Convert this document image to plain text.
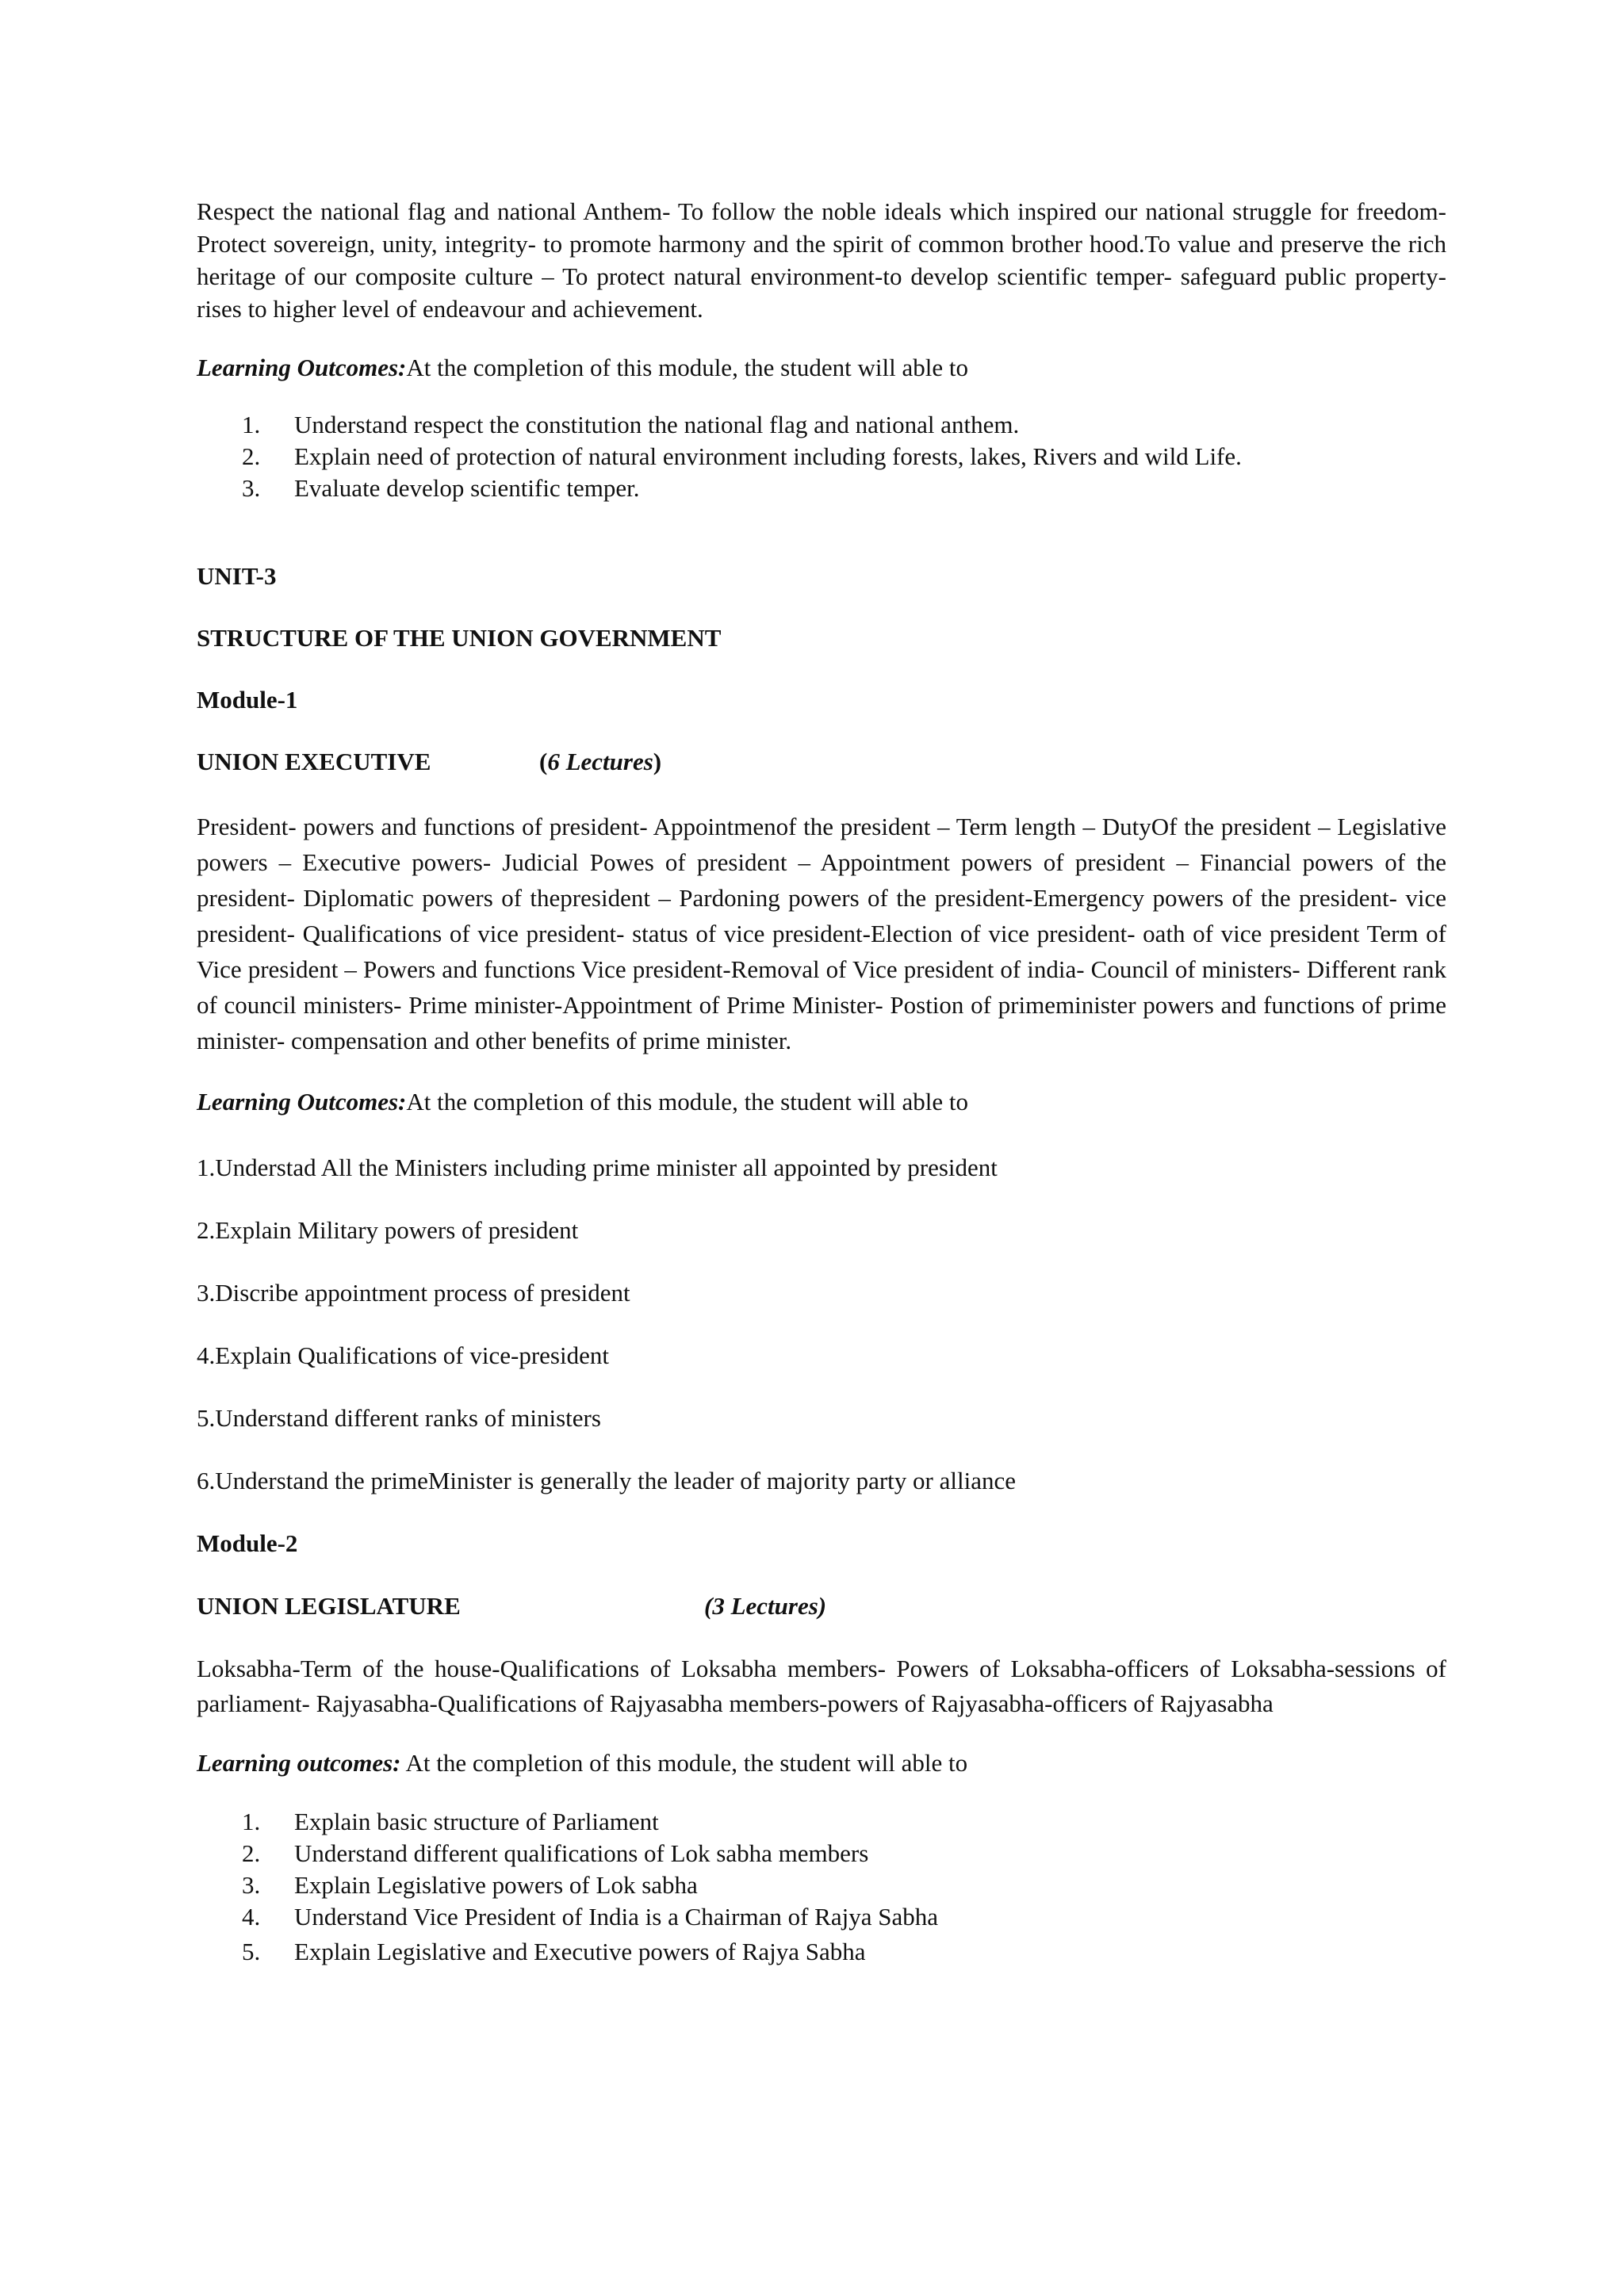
Respect the national flag and national Anthem- To follow the noble ideals which inspired our national struggle for freedom-Protect sovereign, unity, integrity- to promote harmony and the spirit of common brother hood.To value and preserve the rich heritage of our composite culture – To protect natural environment-to develop scientific temper- safeguard public property- rises to higher level of endeavour and achievement.

Learning Outcomes:At the completion of this module, the student will able to

1.	Understand respect the constitution the national flag and national anthem.
2.	Explain need of protection of natural environment including forests, lakes, Rivers and wild Life.
3.	Evaluate develop scientific temper.

UNIT-3

STRUCTURE OF THE UNION GOVERNMENT

Module-1

UNION EXECUTIVE	(6 Lectures)

President- powers and functions of president- Appointmenof the president – Term length – DutyOf the president – Legislative powers – Executive powers- Judicial Powes of president – Appointment powers of president – Financial powers of the president- Diplomatic powers of thepresident – Pardoning powers of the president-Emergency powers of the president- vice president- Qualifications of vice president- status of vice president-Election of vice president- oath of vice president Term of Vice president – Powers and functions Vice president-Removal of Vice president of india- Council of ministers- Different rank of council ministers- Prime minister-Appointment of Prime Minister- Postion of primeminister powers and functions of prime minister- compensation and other benefits of prime minister.

Learning Outcomes:At the completion of this module, the student will able to

1.Understad All the Ministers including prime minister all appointed by president

2.Explain Military powers of president

3.Discribe appointment process of president

4.Explain Qualifications of vice-president

5.Understand different ranks of ministers

6.Understand the primeMinister is generally the leader of majority party or alliance

Module-2

UNION LEGISLATURE	(3 Lectures)

Loksabha-Term of the house-Qualifications of Loksabha members- Powers of Loksabha-officers of Loksabha-sessions of parliament- Rajyasabha-Qualifications of Rajyasabha members-powers of Rajyasabha-officers of Rajyasabha

Learning outcomes: At the completion of this module, the student will able to

1.	Explain basic structure of Parliament
2.	Understand different qualifications of Lok sabha members
3.	Explain Legislative powers of Lok sabha
4.	Understand Vice President of India is a Chairman of Rajya Sabha
5.	Explain Legislative and Executive powers of Rajya Sabha
